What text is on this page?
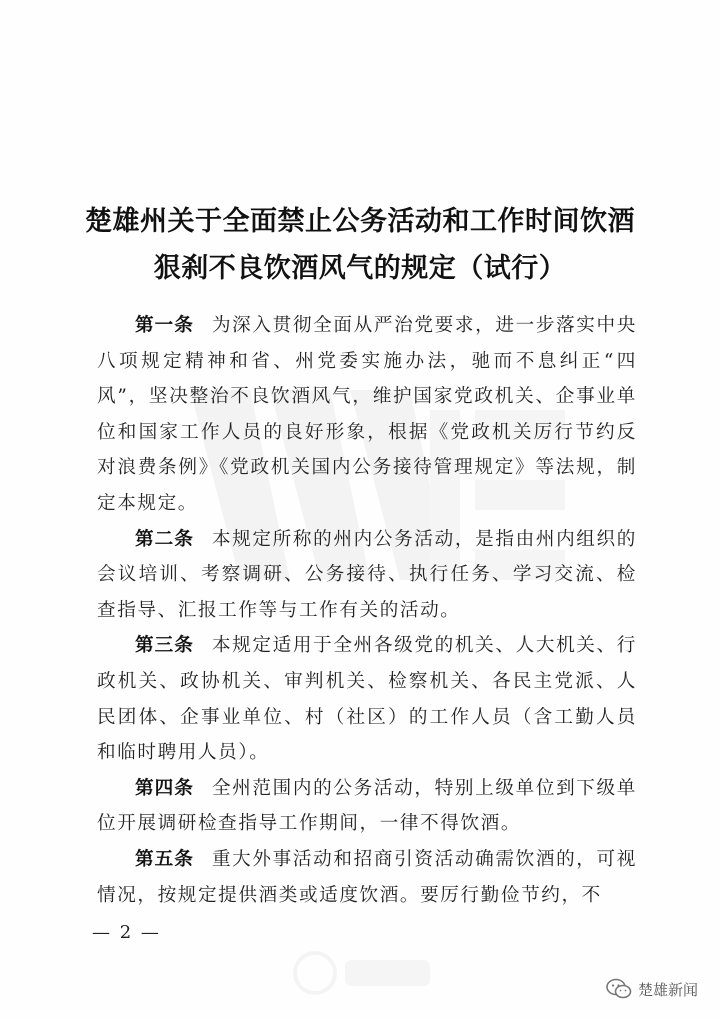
楚雄州关于全面禁止公务活动和工作时间饮酒
狠刹不良饮酒风气的规定（试行）

第一条 为深入贯彻全面从严治党要求，进一步落实中央八项规定精神和省、州党委实施办法，驰而不息纠正“四风”，坚决整治不良饮酒风气，维护国家党政机关、企事业单位和国家工作人员的良好形象，根据《党政机关厉行节约反对浪费条例》《党政机关国内公务接待管理规定》等法规，制定本规定。

第二条 本规定所称的州内公务活动，是指由州内组织的会议培训、考察调研、公务接待、执行任务、学习交流、检查指导、汇报工作等与工作有关的活动。

第三条 本规定适用于全州各级党的机关、人大机关、行政机关、政协机关、审判机关、检察机关、各民主党派、人民团体、企事业单位、村（社区）的工作人员（含工勤人员和临时聘用人员）。

第四条 全州范围内的公务活动，特别上级单位到下级单位开展调研检查指导工作期间，一律不得饮酒。

第五条 重大外事活动和招商引资活动确需饮酒的，可视情况，按规定提供酒类或适度饮酒。要厉行勤俭节约，不

— 2 —
楚雄新闻
